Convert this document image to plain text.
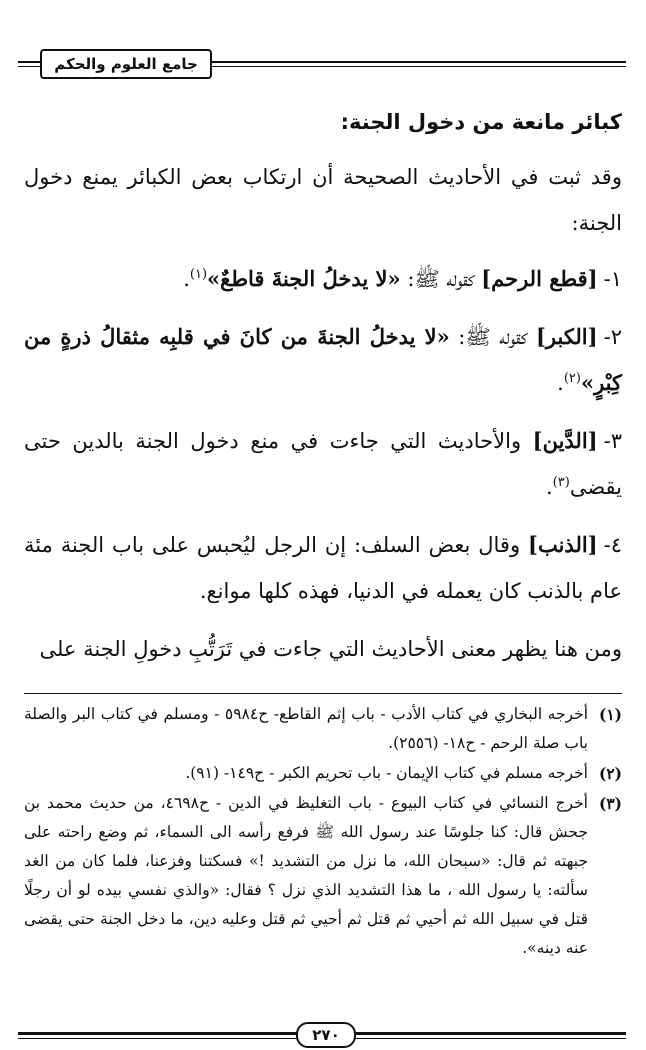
جامع العلوم والحكم
كبائر مانعة من دخول الجنة:

وقد ثبت في الأحاديث الصحيحة أن ارتكاب بعض الكبائر يمنع دخول الجنة:

١-[قطع الرحم] كقوله ﷺ: «لا يدخلُ الجنةَ قاطعٌ»$^{(١)}$.

٢-[الكبر] كقوله ﷺ: «لا يدخلُ الجنةَ من كانَ في قلبِه مثقالُ ذرةٍ من كِبْرٍ»$^{(٢)}$.

٣-[الدَّين] والأحاديث التي جاءت في منع دخول الجنة بالدين حتى يقضى$^{(٣)}$.

٤-[الذنب] وقال بعض السلف: إن الرجل ليُحبس على باب الجنة مئة عام بالذنب كان يعمله في الدنيا، فهذه كلها موانع.

ومن هنا يظهر معنى الأحاديث التي جاءت في تَرَتُّبِ دخولِ الجنة على

(١)
أخرجه البخاري في كتاب الأدب - باب إثم القاطع- ح٥٩٨٤ - ومسلم في كتاب البر والصلة باب صلة الرحم - ح١٨- (٢٥٥٦).
(٢)
أخرجه مسلم في كتاب الإيمان - باب تحريم الكبر - ح١٤٩- (٩١).
(٣)
أخرج النسائي في كتاب البيوع - باب التغليظ في الدين - ح٤٦٩٨، من حديث محمد بن جحش قال: كنا جلوسًا عند رسول الله ﷺ فرفع رأسه الى السماء، ثم وضع راحته على جبهته ثم قال: «سبحان الله، ما نزل من التشديد !» فسكتنا وفزعنا، فلما كان من الغد سألته: يا رسول الله ، ما هذا التشديد الذي نزل ؟ فقال: «والذي نفسي بيده لو أن رجلًا قتل في سبيل الله ثم أحيي ثم قتل ثم أحيي ثم قتل وعليه دين، ما دخل الجنة حتى يقضى عنه دينه».
٢٧٠
